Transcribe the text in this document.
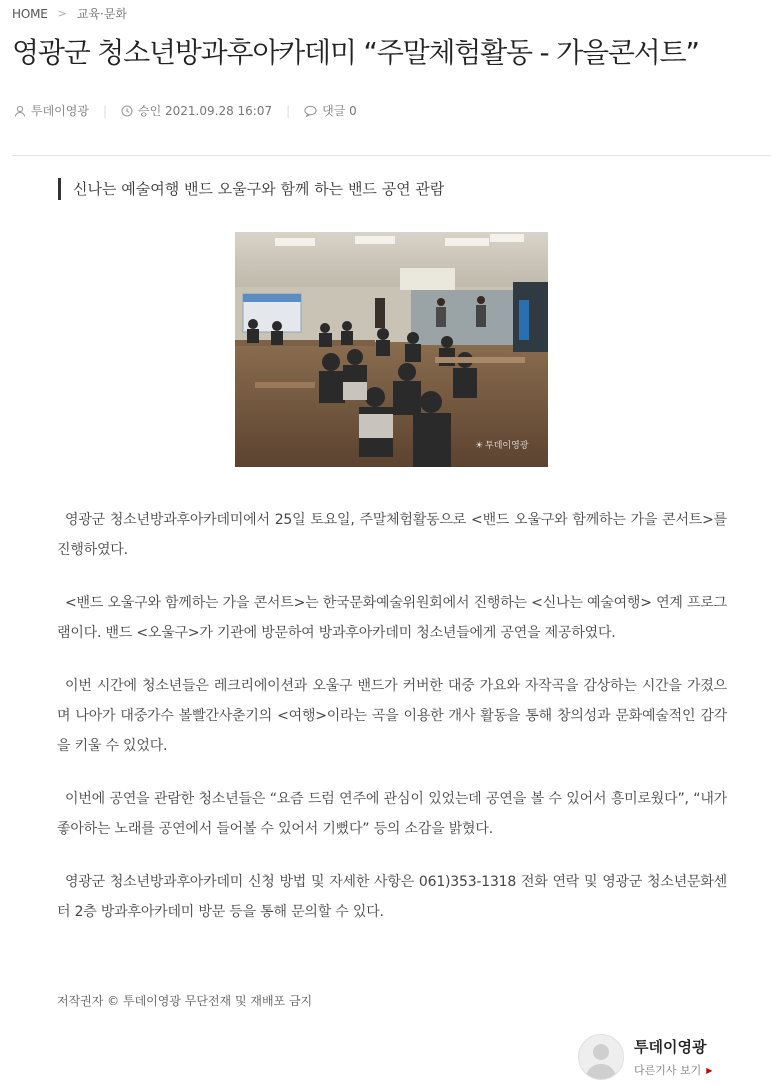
HOME > 교육·문화
영광군 청소년방과후아카데미 “주말체험활동 - 가을콘서트”
투데이영광 |	승인 2021.09.28 16:07 |	댓글 0
신나는 예술여행 밴드 오울구와 함께 하는 밴드 공연 관람
☀ 투데이영광

영광군 청소년방과후아카데미에서 25일 토요일, 주말체험활동으로 <밴드 오울구와 함께하는 가을 콘서트>를 진행하였다.

<밴드 오울구와 함께하는 가을 콘서트>는 한국문화예술위원회에서 진행하는 <신나는 예술여행> 연계 프로그램이다. 밴드 <오울구>가 기관에 방문하여 방과후아카데미 청소년들에게 공연을 제공하였다.

이번 시간에 청소년들은 레크리에이션과 오울구 밴드가 커버한 대중 가요와 자작곡을 감상하는 시간을 가졌으며 나아가 대중가수 볼빨간사춘기의 <여행>이라는 곡을 이용한 개사 활동을 통해 창의성과 문화예술적인 감각을 키울 수 있었다.

이번에 공연을 관람한 청소년들은 “요즘 드럼 연주에 관심이 있었는데 공연을 볼 수 있어서 흥미로웠다”, “내가 좋아하는 노래를 공연에서 들어볼 수 있어서 기뻤다” 등의 소감을 밝혔다.

영광군 청소년방과후아카데미 신청 방법 및 자세한 사항은 061)353-1318 전화 연락 및 영광군 청소년문화센터 2층 방과후아카데미 방문 등을 통해 문의할 수 있다.

저작권자 © 투데이영광 무단전재 및 재배포 금지
투데이영광
다른기사 보기 ▶
